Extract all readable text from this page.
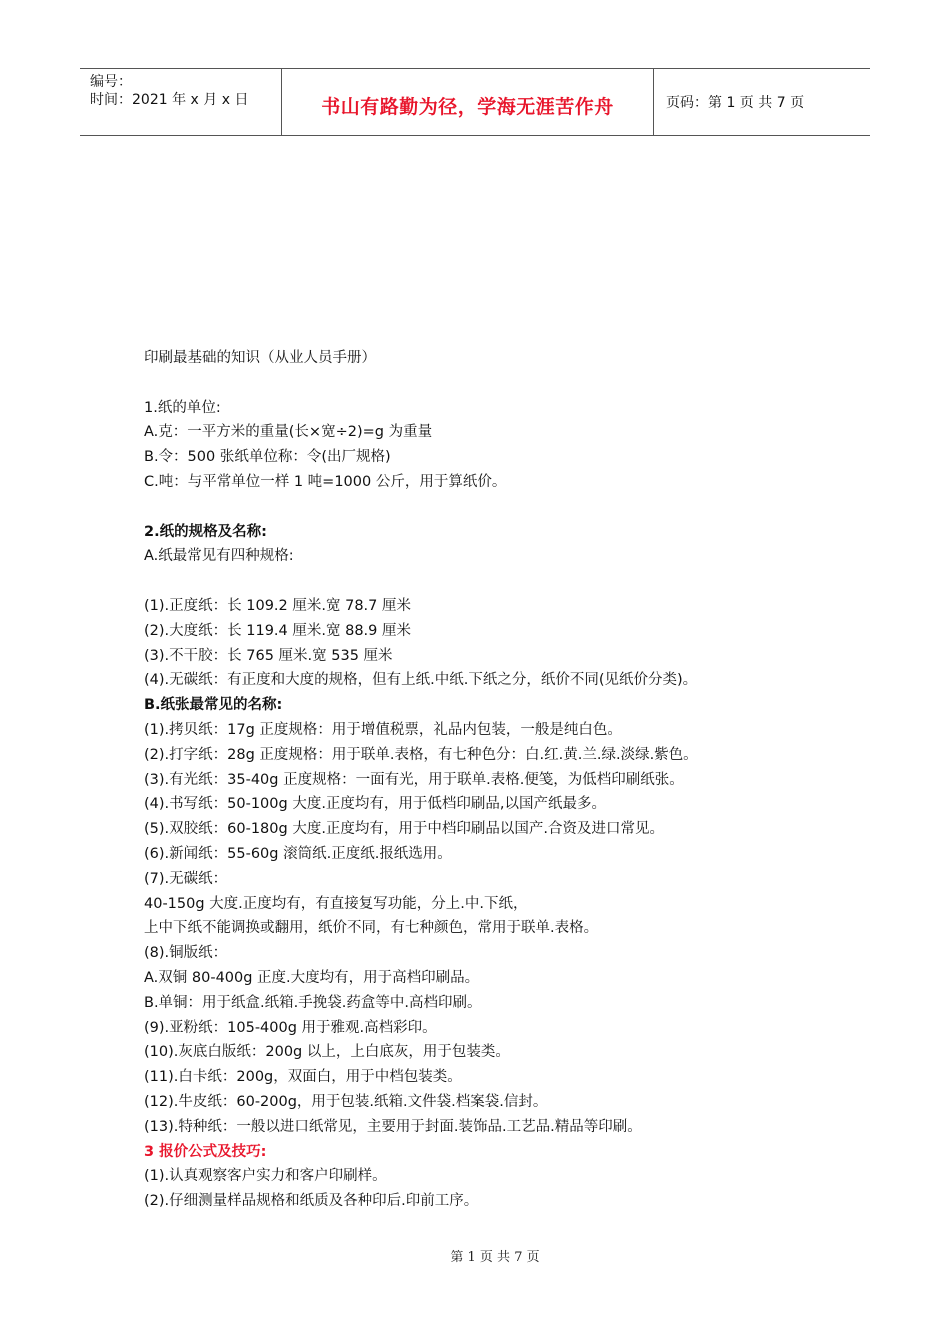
编号：
时间：2021 年 x 月 x 日	书山有路勤为径，学海无涯苦作舟	页码：第 1 页 共 7 页
印刷最基础的知识（从业人员手册）
1.纸的单位:
A.克：一平方米的重量(长×宽÷2)=g 为重量
B.令：500 张纸单位称：令(出厂规格)
C.吨：与平常单位一样 1 吨=1000 公斤，用于算纸价。
2.纸的规格及名称:
A.纸最常见有四种规格:
(1).正度纸：长 109.2 厘米.宽 78.7 厘米
(2).大度纸：长 119.4 厘米.宽 88.9 厘米
(3).不干胶：长 765 厘米.宽 535 厘米
(4).无碳纸：有正度和大度的规格，但有上纸.中纸.下纸之分，纸价不同(见纸价分类)。
B.纸张最常见的名称:
(1).拷贝纸：17g 正度规格：用于增值税票，礼品内包装，一般是纯白色。
(2).打字纸：28g 正度规格：用于联单.表格，有七种色分：白.红.黄.兰.绿.淡绿.紫色。
(3).有光纸：35-40g 正度规格：一面有光，用于联单.表格.便笺，为低档印刷纸张。
(4).书写纸：50-100g 大度.正度均有，用于低档印刷品,以国产纸最多。
(5).双胶纸：60-180g 大度.正度均有，用于中档印刷品以国产.合资及进口常见。
(6).新闻纸：55-60g 滚筒纸.正度纸.报纸选用。
(7).无碳纸：
40-150g 大度.正度均有，有直接复写功能，分上.中.下纸，
上中下纸不能调换或翻用，纸价不同，有七种颜色，常用于联单.表格。
(8).铜版纸：
A.双铜 80-400g 正度.大度均有，用于高档印刷品。
B.单铜：用于纸盒.纸箱.手挽袋.药盒等中.高档印刷。
(9).亚粉纸：105-400g 用于雅观.高档彩印。
(10).灰底白版纸：200g 以上，上白底灰，用于包装类。
(11).白卡纸：200g，双面白，用于中档包装类。
(12).牛皮纸：60-200g，用于包装.纸箱.文件袋.档案袋.信封。
(13).特种纸：一般以进口纸常见，主要用于封面.装饰品.工艺品.精品等印刷。
3 报价公式及技巧:
(1).认真观察客户实力和客户印刷样。
(2).仔细测量样品规格和纸质及各种印后.印前工序。
第 1 页 共 7 页
